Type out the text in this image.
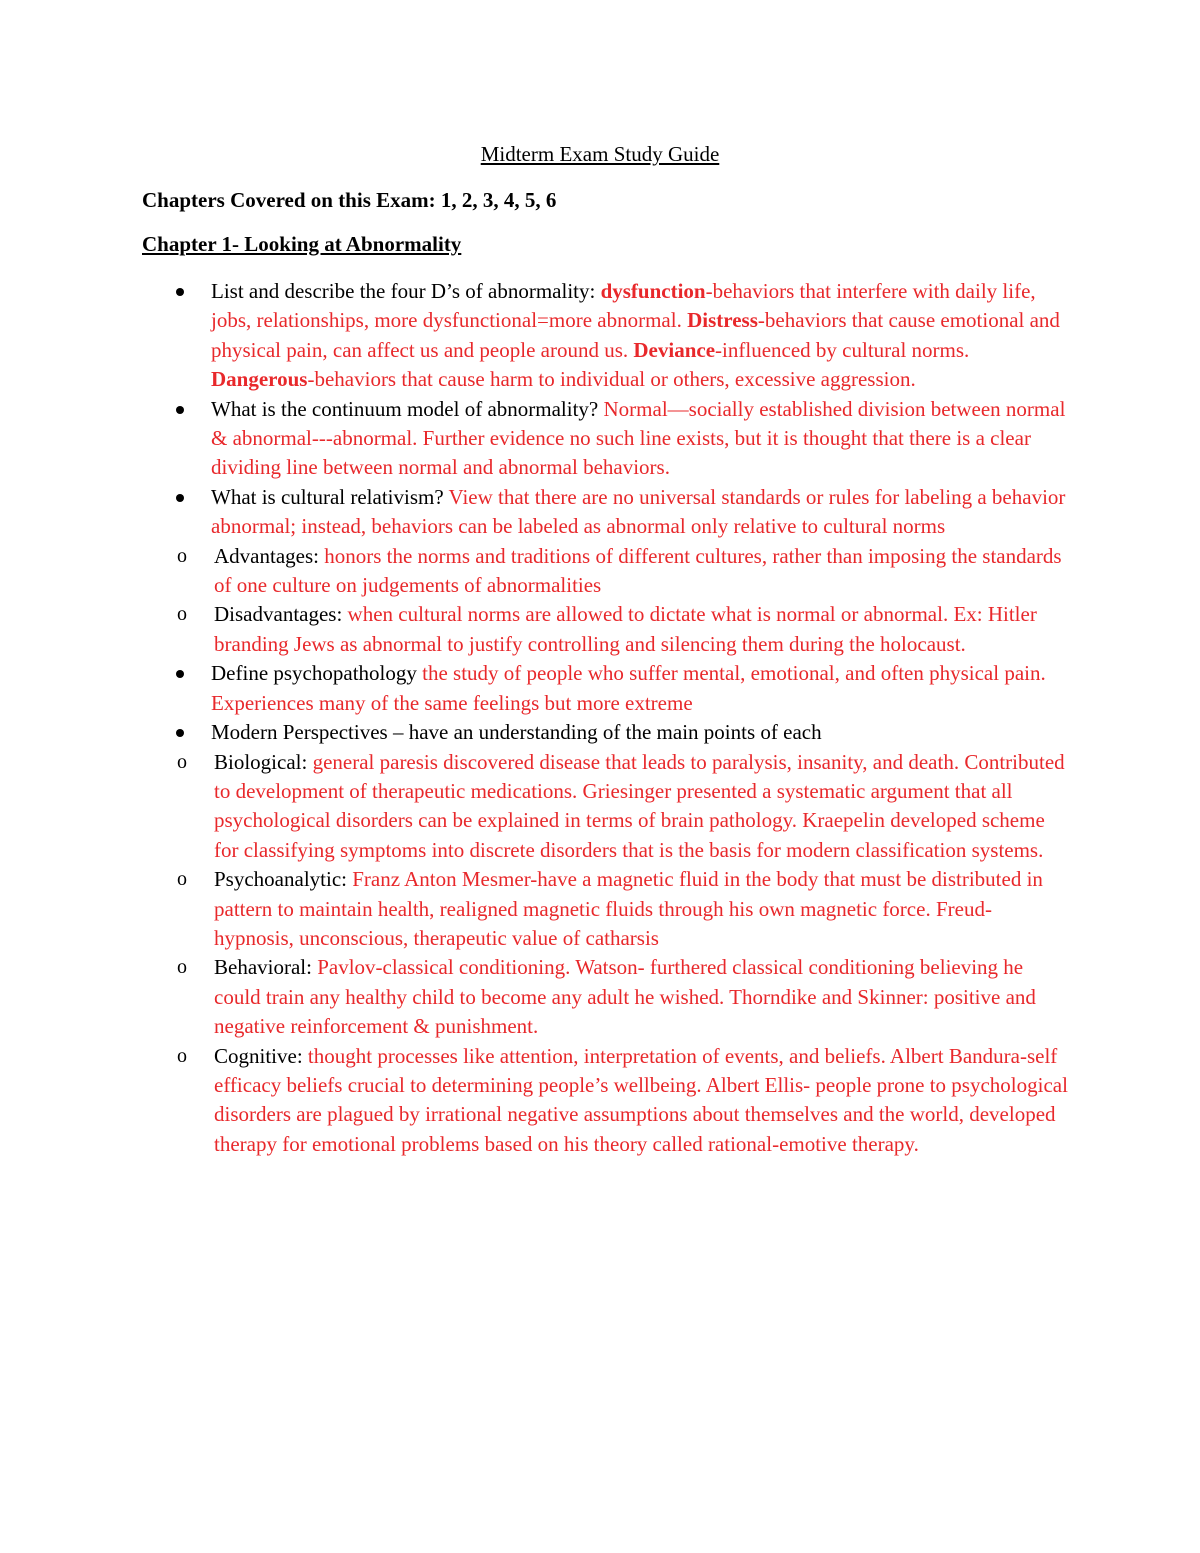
Midterm Exam Study Guide
Chapters Covered on this Exam: 1, 2, 3, 4, 5, 6
Chapter 1- Looking at Abnormality
List and describe the four D’s of abnormality: dysfunction-behaviors that interfere with daily life, jobs, relationships, more dysfunctional=more abnormal. Distress-behaviors that cause emotional and physical pain, can affect us and people around us. Deviance-influenced by cultural norms. Dangerous-behaviors that cause harm to individual or others, excessive aggression.
What is the continuum model of abnormality? Normal—socially established division between normal & abnormal---abnormal. Further evidence no such line exists, but it is thought that there is a clear dividing line between normal and abnormal behaviors.
What is cultural relativism? View that there are no universal standards or rules for labeling a behavior abnormal; instead, behaviors can be labeled as abnormal only relative to cultural norms
o Advantages: honors the norms and traditions of different cultures, rather than imposing the standards of one culture on judgements of abnormalities
o Disadvantages: when cultural norms are allowed to dictate what is normal or abnormal. Ex: Hitler branding Jews as abnormal to justify controlling and silencing them during the holocaust.
Define psychopathology the study of people who suffer mental, emotional, and often physical pain. Experiences many of the same feelings but more extreme
Modern Perspectives – have an understanding of the main points of each
o Biological: general paresis discovered disease that leads to paralysis, insanity, and death. Contributed to development of therapeutic medications. Griesinger presented a systematic argument that all psychological disorders can be explained in terms of brain pathology. Kraepelin developed scheme for classifying symptoms into discrete disorders that is the basis for modern classification systems.
o Psychoanalytic: Franz Anton Mesmer-have a magnetic fluid in the body that must be distributed in pattern to maintain health, realigned magnetic fluids through his own magnetic force. Freud- hypnosis, unconscious, therapeutic value of catharsis
o Behavioral: Pavlov-classical conditioning. Watson- furthered classical conditioning believing he could train any healthy child to become any adult he wished. Thorndike and Skinner: positive and negative reinforcement & punishment.
o Cognitive: thought processes like attention, interpretation of events, and beliefs. Albert Bandura-self efficacy beliefs crucial to determining people’s wellbeing. Albert Ellis- people prone to psychological disorders are plagued by irrational negative assumptions about themselves and the world, developed therapy for emotional problems based on his theory called rational-emotive therapy.
